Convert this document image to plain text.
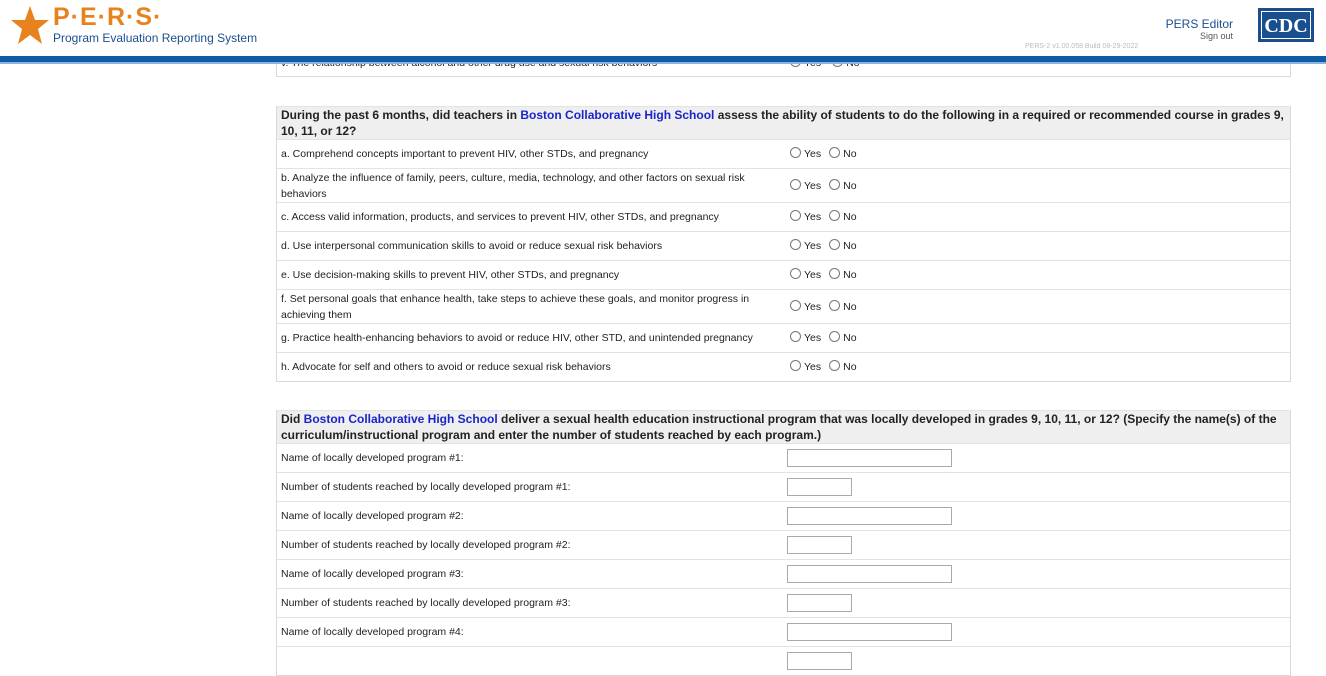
P·E·R·S·
Program Evaluation Reporting System
PERS Editor
Sign out
PERS-2 v1.00.058 Build 08-29-2022
CDC

During the past 6 months, did teachers in Boston Collaborative High School assess the ability of students to do the following in a required or recommended course in grades 9, 10, 11, or 12?
a. Comprehend concepts important to prevent HIV, other STDs, and pregnancy	Yes No
b. Analyze the influence of family, peers, culture, media, technology, and other factors on sexual risk behaviors
Yes No
c. Access valid information, products, and services to prevent HIV, other STDs, and pregnancy	Yes No
d. Use interpersonal communication skills to avoid or reduce sexual risk behaviors	Yes No
e. Use decision-making skills to prevent HIV, other STDs, and pregnancy	Yes No
f. Set personal goals that enhance health, take steps to achieve these goals, and monitor progress in achieving them
Yes No
g. Practice health-enhancing behaviors to avoid or reduce HIV, other STD, and unintended pregnancy	Yes No
h. Advocate for self and others to avoid or reduce sexual risk behaviors	Yes No
Did Boston Collaborative High School deliver a sexual health education instructional program that was locally developed in grades 9, 10, 11, or 12? (Specify the name(s) of the curriculum/instructional program and enter the number of students reached by each program.)
Name of locally developed program #1:
Number of students reached by locally developed program #1:
Name of locally developed program #2:
Number of students reached by locally developed program #2:
Name of locally developed program #3:
Number of students reached by locally developed program #3:
Name of locally developed program #4:
